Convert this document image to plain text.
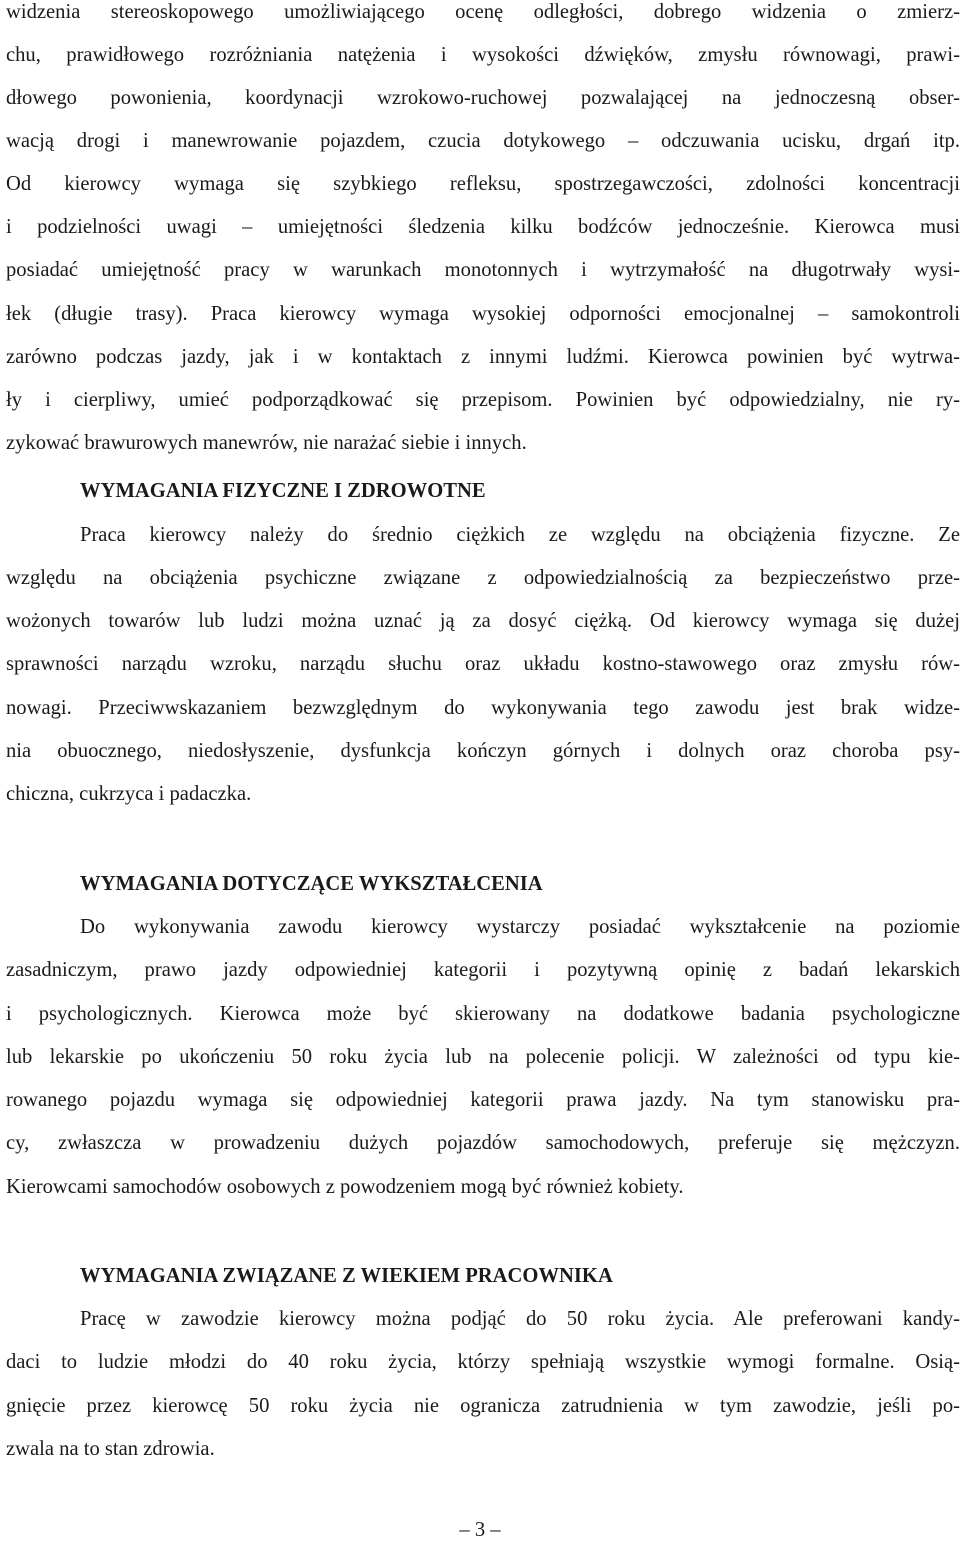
widzenia stereoskopowego umożliwiającego ocenę odległości, dobrego widzenia o zmierz-
chu, prawidłowego rozróżniania natężenia i wysokości dźwięków, zmysłu równowagi, prawi-
dłowego powonienia, koordynacji wzrokowo-ruchowej pozwalającej na jednoczesną obser-
wacją drogi i manewrowanie pojazdem, czucia dotykowego – odczuwania ucisku, drgań itp.
Od kierowcy wymaga się szybkiego refleksu, spostrzegawczości, zdolności koncentracji
i podzielności uwagi – umiejętności śledzenia kilku bodźców jednocześnie. Kierowca musi
posiadać umiejętność pracy w warunkach monotonnych i wytrzymałość na długotrwały wysi-
łek (długie trasy). Praca kierowcy wymaga wysokiej odporności emocjonalnej – samokontroli
zarówno podczas jazdy, jak i w kontaktach z innymi ludźmi. Kierowca powinien być wytrwa-
ły i cierpliwy, umieć podporządkować się przepisom. Powinien być odpowiedzialny, nie ry-
zykować brawurowych manewrów, nie narażać siebie i innych.
WYMAGANIA FIZYCZNE I ZDROWOTNE
Praca kierowcy należy do średnio ciężkich ze względu na obciążenia fizyczne. Ze
względu na obciążenia psychiczne związane z odpowiedzialnością za bezpieczeństwo prze-
wożonych towarów lub ludzi można uznać ją za dosyć ciężką. Od kierowcy wymaga się dużej
sprawności narządu wzroku, narządu słuchu oraz układu kostno-stawowego oraz zmysłu rów-
nowagi. Przeciwwskazaniem bezwzględnym do wykonywania tego zawodu jest brak widze-
nia obuocznego, niedosłyszenie, dysfunkcja kończyn górnych i dolnych oraz choroba psy-
chiczna, cukrzyca i padaczka.
WYMAGANIA DOTYCZĄCE WYKSZTAŁCENIA
Do wykonywania zawodu kierowcy wystarczy posiadać wykształcenie na poziomie
zasadniczym, prawo jazdy odpowiedniej kategorii i pozytywną opinię z badań lekarskich
i psychologicznych. Kierowca może być skierowany na dodatkowe badania psychologiczne
lub lekarskie po ukończeniu 50 roku życia lub na polecenie policji. W zależności od typu kie-
rowanego pojazdu wymaga się odpowiedniej kategorii prawa jazdy. Na tym stanowisku pra-
cy, zwłaszcza w prowadzeniu dużych pojazdów samochodowych, preferuje się mężczyzn.
Kierowcami samochodów osobowych z powodzeniem mogą być również kobiety.
WYMAGANIA ZWIĄZANE Z WIEKIEM PRACOWNIKA
Pracę w zawodzie kierowcy można podjąć do 50 roku życia. Ale preferowani kandy-
daci to ludzie młodzi do 40 roku życia, którzy spełniają wszystkie wymogi formalne. Osią-
gnięcie przez kierowcę 50 roku życia nie ogranicza zatrudnienia w tym zawodzie, jeśli po-
zwala na to stan zdrowia.
– 3 –
